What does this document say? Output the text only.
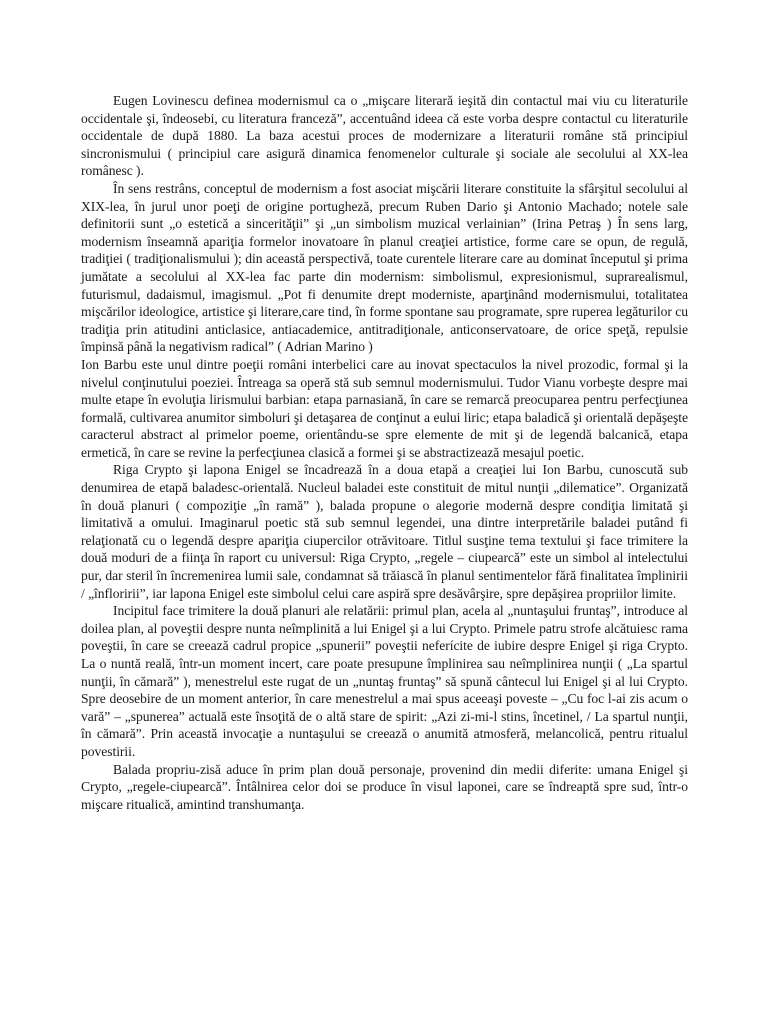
Eugen Lovinescu definea modernismul ca o „mişcare literară ieşită din contactul mai viu cu literaturile occidentale şi, îndeosebi, cu literatura franceză”, accentuând ideea că este vorba despre contactul cu literaturile occidentale de după 1880. La baza acestui proces de modernizare a literaturii române stă principiul sincronismului ( principiul care asigură dinamica fenomenelor culturale şi sociale ale secolului al XX-lea românesc ).

În sens restrâns, conceptul de modernism a fost asociat mişcării literare constituite la sfârşitul secolului al XIX-lea, în jurul unor poeţi de origine portugheză, precum Ruben Dario şi Antonio Machado; notele sale definitorii sunt „o estetică a sincerităţii” şi „un simbolism muzical verlainian” (Irina Petraş ) În sens larg, modernism înseamnă apariţia formelor inovatoare în planul creaţiei artistice, forme care se opun, de regulă, tradiţiei ( tradiţionalismului ); din această perspectivă, toate curentele literare care au dominat începutul şi prima jumătate a secolului al XX-lea fac parte din modernism: simbolismul, expresionismul, suprarealismul, futurismul, dadaismul, imagismul. „Pot fi denumite drept moderniste, aparţinând modernismului, totalitatea mişcărilor ideologice, artistice şi literare,care tind, în forme spontane sau programate, spre ruperea legăturilor cu tradiţia prin atitudini anticlasice, antiacademice, antitradiţionale, anticonservatoare, de orice speţă, repulsie împinsă până la negativism radical” ( Adrian Marino )

Ion Barbu este unul dintre poeţii români interbelici care au inovat spectaculos la nivel prozodic, formal şi la nivelul conţinutului poeziei. Întreaga sa operă stă sub semnul modernismului. Tudor Vianu vorbeşte despre mai multe etape în evoluţia lirismului barbian: etapa parnasiană, în care se remarcă preocuparea pentru perfecţiunea formală, cultivarea anumitor simboluri şi detaşarea de conţinut a eului liric; etapa baladică şi orientală depăşeşte caracterul abstract al primelor poeme, orientându-se spre elemente de mit şi de legendă balcanică, etapa ermetică, în care se revine la perfecţiunea clasică a formei şi se abstractizează mesajul poetic.

Riga Crypto şi lapona Enigel se încadrează în a doua etapă a creaţiei lui Ion Barbu, cunoscută sub denumirea de etapă baladesc-orientală. Nucleul baladei este constituit de mitul nunţii „dilematice”. Organizată în două planuri ( compoziţie „în ramă” ), balada propune o alegorie modernă despre condiţia limitată şi limitativă a omului. Imaginarul poetic stă sub semnul legendei, una dintre interpretările baladei putând fi relaţionată cu o legendă despre apariţia ciupercilor otrăvitoare. Titlul susţine tema textului şi face trimitere la două moduri de a fiinţa în raport cu universul: Riga Crypto, „regele – ciupearcă” este un simbol al intelectului pur, dar steril în încremenirea lumii sale, condamnat să trăiască în planul sentimentelor fără finalitatea împlinirii / „înfloririi”, iar lapona Enigel este simbolul celui care aspiră spre desăvârşire, spre depăşirea propriilor limite.

Incipitul face trimitere la două planuri ale relatării: primul plan, acela al „nuntaşului fruntaş”, introduce al doilea plan, al poveştii despre nunta neîmplinită a lui Enigel şi a lui Crypto. Primele patru strofe alcătuiesc rama poveştii, în care se creează cadrul propice „spunerii” poveştii neferícite de iubire despre Enigel şi riga Crypto. La o nuntă reală, într-un moment incert, care poate presupune împlinirea sau neîmplinirea nunţii ( „La spartul nunţii, în cămară” ), menestrelul este rugat de un „nuntaş fruntaş” să spună cântecul lui Enigel şi al lui Crypto. Spre deosebire de un moment anterior, în care menestrelul a mai spus aceeaşi poveste – „Cu foc l-ai zis acum o vară” – „spunerea” actuală este însoţită de o altă stare de spirit: „Azi zi-mi-l stins, încetinel, / La spartul nunţii, în cămară”. Prin această invocaţie a nuntaşului se creează o anumită atmosferă, melancolică, pentru ritualul povestirii.

Balada propriu-zisă aduce în prim plan două personaje, provenind din medii diferite: umana Enigel şi Crypto, „regele-ciupearcă”. Întâlnirea celor doi se produce în visul laponei, care se îndreaptă spre sud, într-o mişcare ritualică, amintind transhumanţa.
